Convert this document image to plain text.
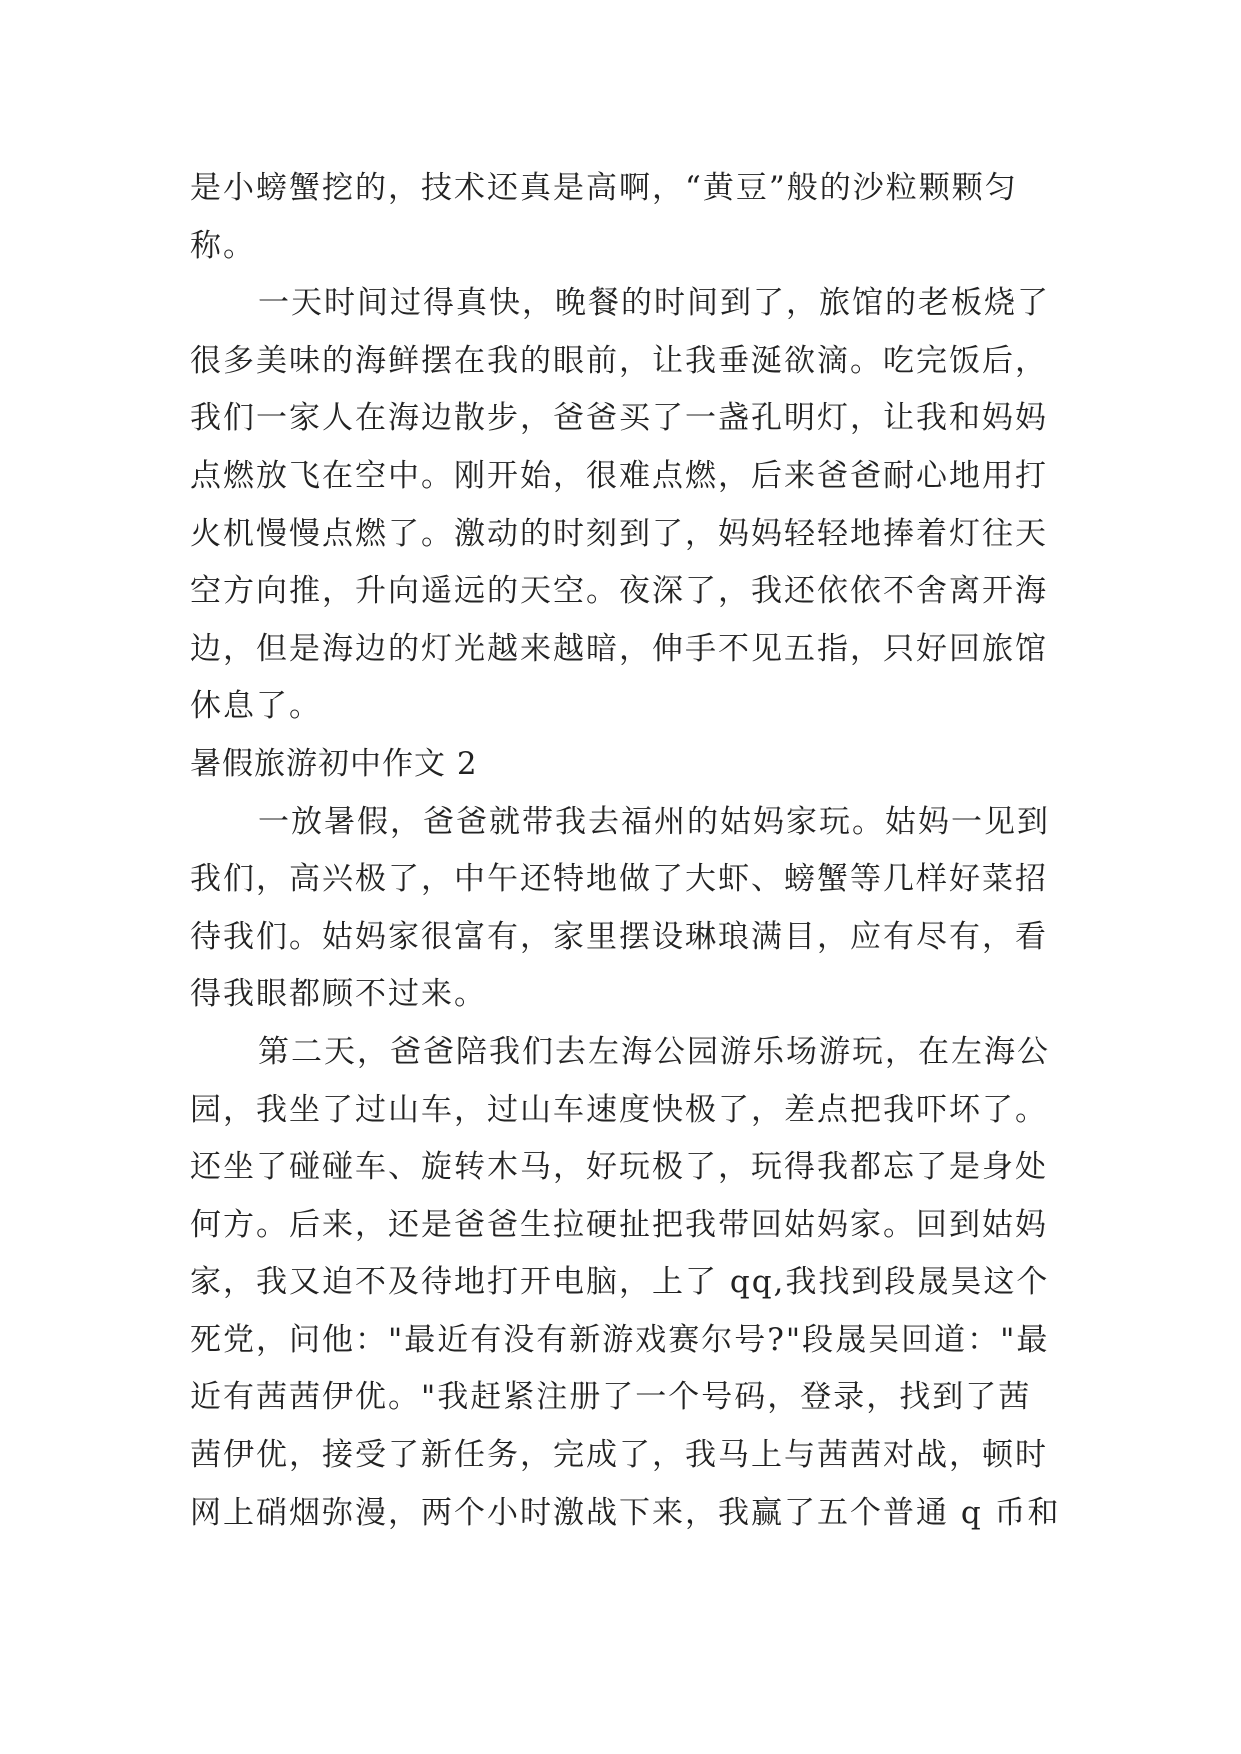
是小螃蟹挖的，技术还真是高啊，“黄豆”般的沙粒颗颗匀
称。
一天时间过得真快，晚餐的时间到了，旅馆的老板烧了
很多美味的海鲜摆在我的眼前，让我垂涎欲滴。吃完饭后，
我们一家人在海边散步，爸爸买了一盏孔明灯，让我和妈妈
点燃放飞在空中。刚开始，很难点燃，后来爸爸耐心地用打
火机慢慢点燃了。激动的时刻到了，妈妈轻轻地捧着灯往天
空方向推，升向遥远的天空。夜深了，我还依依不舍离开海
边，但是海边的灯光越来越暗，伸手不见五指，只好回旅馆
休息了。
暑假旅游初中作文 2
一放暑假，爸爸就带我去福州的姑妈家玩。姑妈一见到
我们，高兴极了，中午还特地做了大虾、螃蟹等几样好菜招
待我们。姑妈家很富有，家里摆设琳琅满目，应有尽有，看
得我眼都顾不过来。
第二天，爸爸陪我们去左海公园游乐场游玩，在左海公
园，我坐了过山车，过山车速度快极了，差点把我吓坏了。
还坐了碰碰车、旋转木马，好玩极了，玩得我都忘了是身处
何方。后来，还是爸爸生拉硬扯把我带回姑妈家。回到姑妈
家，我又迫不及待地打开电脑，上了 qq,我找到段晟昊这个
死党，问他："最近有没有新游戏赛尔号?"段晟吴回道："最
近有茜茜伊优。"我赶紧注册了一个号码，登录，找到了茜
茜伊优，接受了新任务，完成了，我马上与茜茜对战，顿时
网上硝烟弥漫，两个小时激战下来，我赢了五个普通 q 币和
